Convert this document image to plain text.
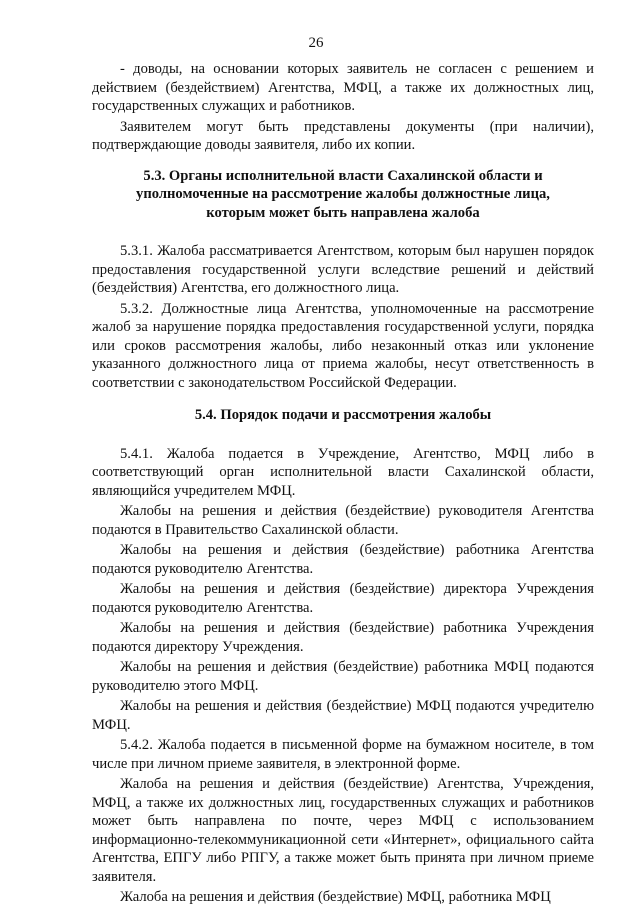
26

- доводы, на основании которых заявитель не согласен с решением и действием (бездействием) Агентства, МФЦ, а также их должностных лиц, государственных служащих и работников.

Заявителем могут быть представлены документы (при наличии), подтверждающие доводы заявителя, либо их копии.

5.3. Органы исполнительной власти Сахалинской области и уполномоченные на рассмотрение жалобы должностные лица, которым может быть направлена жалоба

5.3.1. Жалоба рассматривается Агентством, которым был нарушен порядок предоставления государственной услуги вследствие решений и действий (бездействия) Агентства, его должностного лица.

5.3.2. Должностные лица Агентства, уполномоченные на рассмотрение жалоб за нарушение порядка предоставления государственной услуги, порядка или сроков рассмотрения жалобы, либо незаконный отказ или уклонение указанного должностного лица от приема жалобы, несут ответственность в соответствии с законодательством Российской Федерации.

5.4. Порядок подачи и рассмотрения жалобы

5.4.1. Жалоба подается в Учреждение, Агентство, МФЦ либо в соответствующий орган исполнительной власти Сахалинской области, являющийся учредителем МФЦ.

Жалобы на решения и действия (бездействие) руководителя Агентства подаются в Правительство Сахалинской области.

Жалобы на решения и действия (бездействие) работника Агентства подаются руководителю Агентства.

Жалобы на решения и действия (бездействие) директора Учреждения подаются руководителю Агентства.

Жалобы на решения и действия (бездействие) работника Учреждения подаются директору Учреждения.

Жалобы на решения и действия (бездействие) работника МФЦ подаются руководителю этого МФЦ.

Жалобы на решения и действия (бездействие) МФЦ подаются учредителю МФЦ.

5.4.2. Жалоба подается в письменной форме на бумажном носителе, в том числе при личном приеме заявителя, в электронной форме.

Жалоба на решения и действия (бездействие) Агентства, Учреждения, МФЦ, а также их должностных лиц, государственных служащих и работников может быть направлена по почте, через МФЦ с использованием информационно-телекоммуникационной сети «Интернет», официального сайта Агентства, ЕПГУ либо РПГУ, а также может быть принята при личном приеме заявителя.

Жалоба на решения и действия (бездействие) МФЦ, работника МФЦ
